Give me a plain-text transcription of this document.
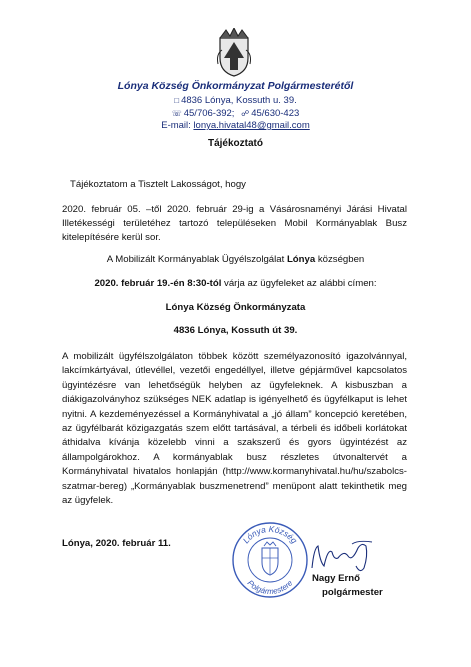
Lónya Község Önkormányzat Polgármesterétől
□ 4836 Lónya, Kossuth u. 39.
☏ 45/706-392; ☍ 45/630-423
E-mail: lonya.hivatal48@gmail.com
Tájékoztató
Tájékoztatom a Tisztelt Lakosságot, hogy
2020. február 05. –től 2020. február 29-ig a Vásárosnaményi Járási Hivatal Illetékességi területéhez tartozó településeken Mobil Kormányablak Busz kitelepítésére kerül sor.
A Mobilizált Kormányablak Ügyélszolgálat Lónya községben
2020. február 19.-én 8:30-tól várja az ügyfeleket az alábbi címen:
Lónya Község Önkormányzata
4836 Lónya, Kossuth út 39.
A mobilizált ügyfélszolgálaton többek között személyazonosító igazolvánnyal, lakcímkártyával, útlevéllel, vezetői engedéllyel, illetve gépjárművel kapcsolatos ügyintézésre van lehetőségük helyben az ügyfeleknek. A kisbuszban a diákigazolványhoz szükséges NEK adatlap is igényelhető és ügyfélkaput is lehet nyitni. A kezdeményezéssel a Kormányhivatal a „jó állam” koncepció keretében, az ügyfélbarát közigazgatás szem előtt tartásával, a térbeli és időbeli korlátokat áthidalva kívánja közelebb vinni a szakszerű és gyors ügyintézést az állampolgárokhoz. A kormányablak busz részletes útvonaltervét a Kormányhivatal hivatalos honlapján (http://www.kormanyhivatal.hu/hu/szabolcs-szatmar-bereg) „Kormányablak buszmenetrend” menüpont alatt tekinthetik meg az ügyfelek.
Lónya, 2020. február 11.	Lónya Község
Polgármestere Nagy Ernő
polgármester
